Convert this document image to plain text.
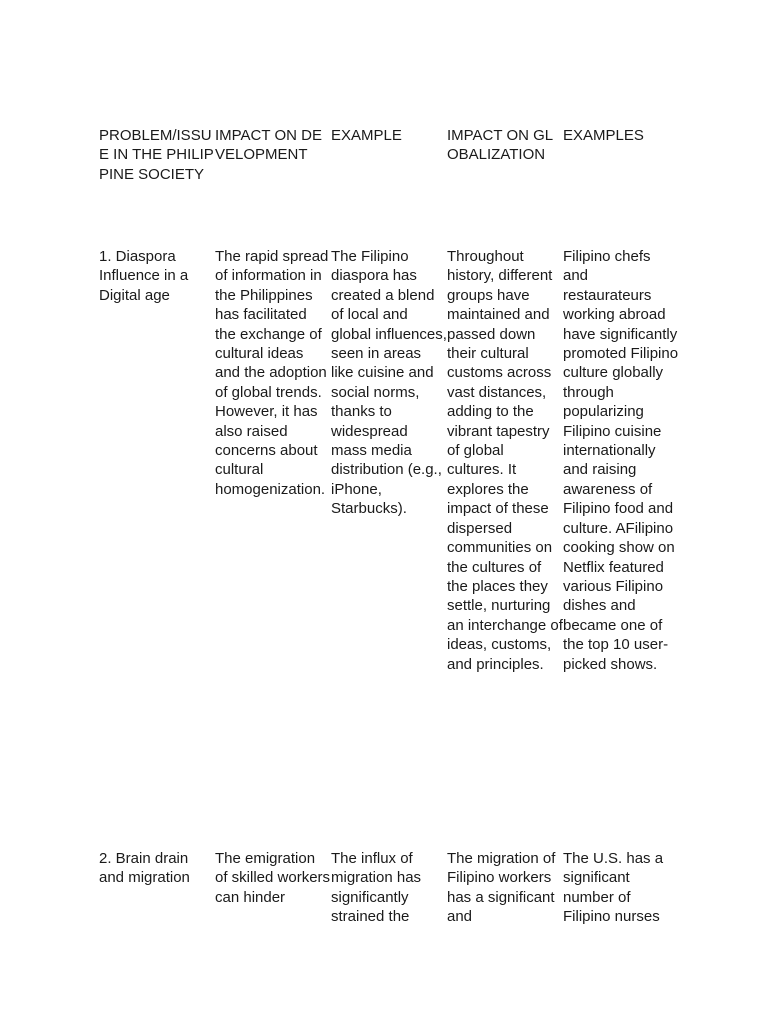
PROBLEM/ISSUE IN THE PHILIPPINE SOCIETY
IMPACT ON DEVELOPMENT
EXAMPLE	IMPACT ON GLOBALIZATION
EXAMPLES
1. Diaspora Influence in a Digital age
The rapid spread of information in the Philippines has facilitated the exchange of cultural ideas and the adoption of global trends. However, it has also raised concerns about cultural homogenization.
The Filipino diaspora has created a blend of local and global influences, seen in areas like cuisine and social norms, thanks to widespread mass media distribution (e.g., iPhone, Starbucks).
Throughout history, different groups have maintained and passed down their cultural customs across vast distances, adding to the vibrant tapestry of global cultures. It explores the impact of these dispersed communities on the cultures of the places they settle, nurturing an interchange of ideas, customs, and principles.
Filipino chefs and restaurateurs working abroad have significantly promoted Filipino culture globally through popularizing Filipino cuisine internationally and raising awareness of Filipino food and culture. AFilipino cooking show on Netflix featured various Filipino dishes and became one of the top 10 user-picked shows.
2. Brain drain and migration
The emigration of skilled workers can hinder
The influx of migration has significantly strained the
The migration of Filipino workers has a significant and
The U.S. has a significant number of Filipino nurses
